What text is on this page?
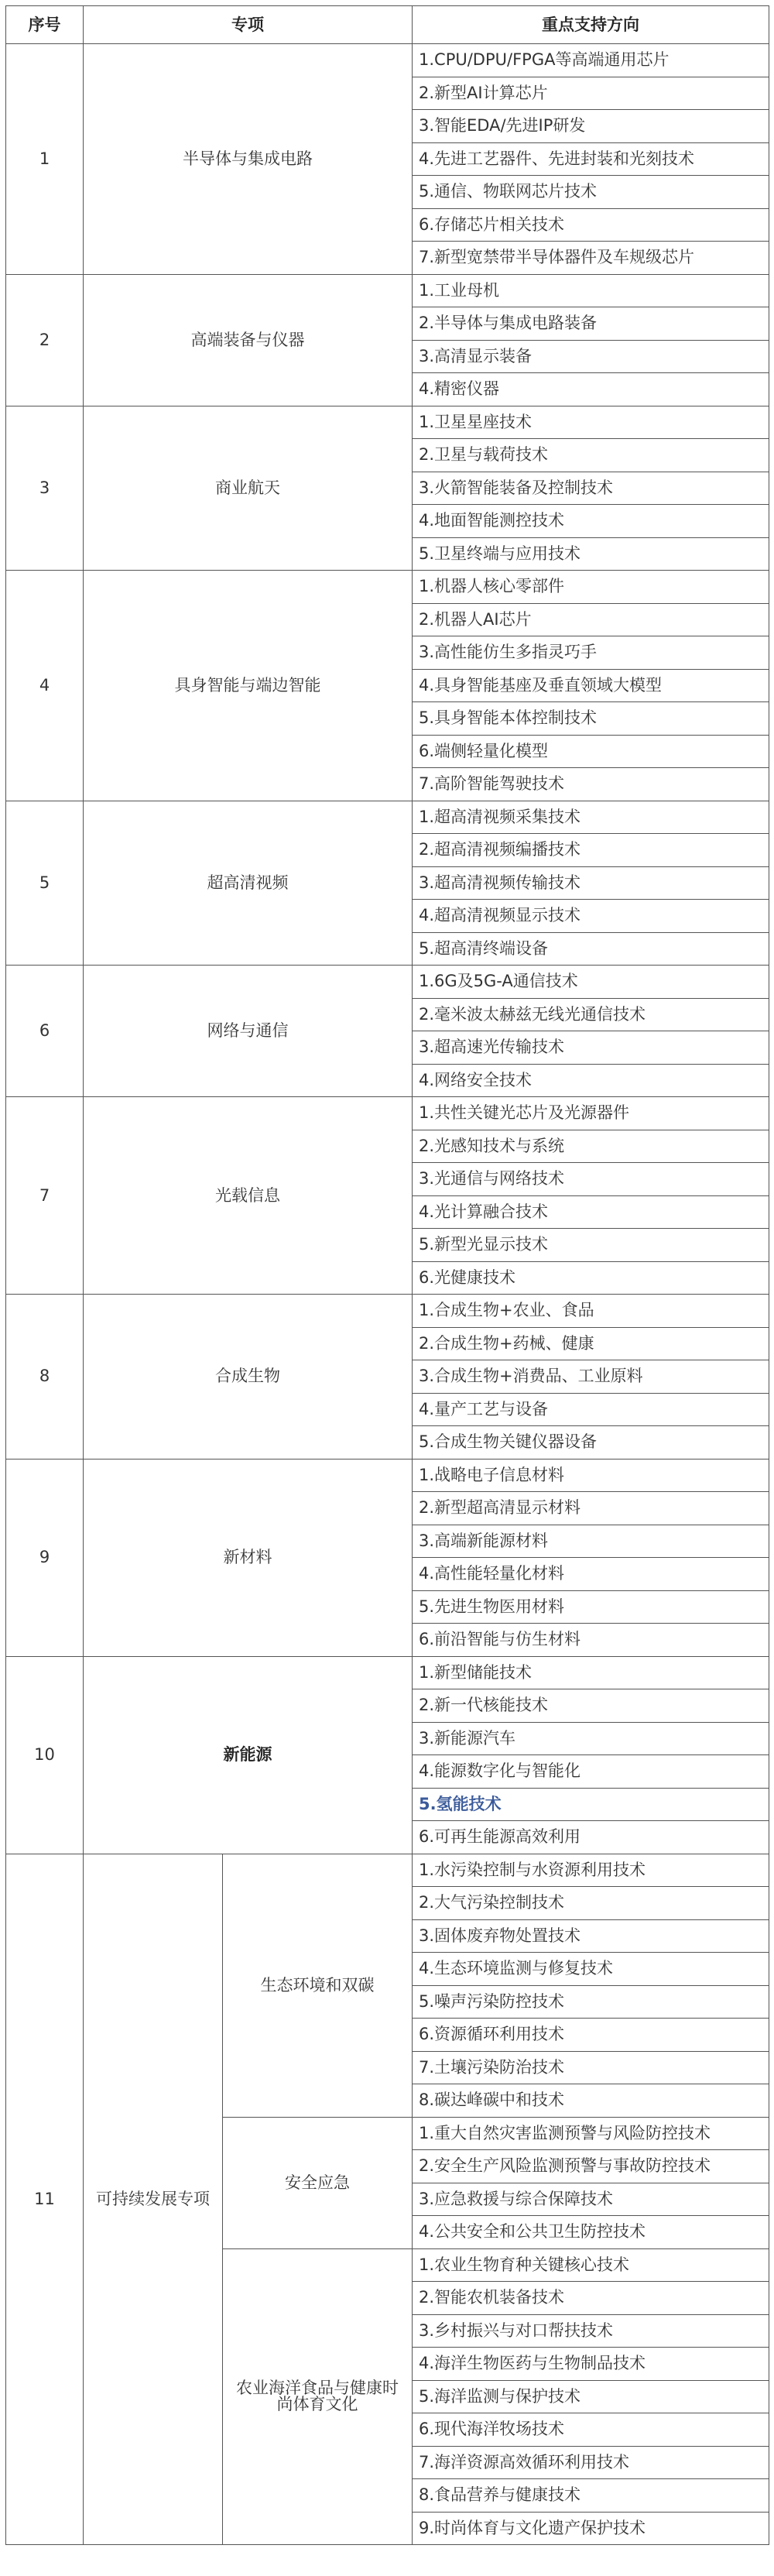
序号	专项		重点支持方向
1	半导体与集成电路		1.CPU/DPU/FPGA等高端通用芯片
			2.新型AI计算芯片
			3.智能EDA/先进IP研发
			4.先进工艺器件、先进封装和光刻技术
			5.通信、物联网芯片技术
			6.存储芯片相关技术
			7.新型宽禁带半导体器件及车规级芯片
2	高端装备与仪器		1.工业母机
			2.半导体与集成电路装备
			3.高清显示装备
			4.精密仪器
3	商业航天		1.卫星星座技术
			2.卫星与载荷技术
			3.火箭智能装备及控制技术
			4.地面智能测控技术
			5.卫星终端与应用技术
4	具身智能与端边智能		1.机器人核心零部件
			2.机器人AI芯片
			3.高性能仿生多指灵巧手
			4.具身智能基座及垂直领域大模型
			5.具身智能本体控制技术
			6.端侧轻量化模型
			7.高阶智能驾驶技术
5	超高清视频		1.超高清视频采集技术
			2.超高清视频编播技术
			3.超高清视频传输技术
			4.超高清视频显示技术
			5.超高清终端设备
6	网络与通信		1.6G及5G-A通信技术
			2.毫米波太赫兹无线光通信技术
			3.超高速光传输技术
			4.网络安全技术
7	光载信息		1.共性关键光芯片及光源器件
			2.光感知技术与系统
			3.光通信与网络技术
			4.光计算融合技术
			5.新型光显示技术
			6.光健康技术
8	合成生物		1.合成生物+农业、食品
			2.合成生物+药械、健康
			3.合成生物+消费品、工业原料
			4.量产工艺与设备
			5.合成生物关键仪器设备
9	新材料		1.战略电子信息材料
			2.新型超高清显示材料
			3.高端新能源材料
			4.高性能轻量化材料
			5.先进生物医用材料
			6.前沿智能与仿生材料
10	新能源		1.新型储能技术
			2.新一代核能技术
			3.新能源汽车
			4.能源数字化与智能化
			5.氢能技术
			6.可再生能源高效利用
11	可持续发展专项	生态环境和双碳	1.水污染控制与水资源利用技术
			2.大气污染控制技术
			3.固体废弃物处置技术
			4.生态环境监测与修复技术
			5.噪声污染防控技术
			6.资源循环利用技术
			7.土壤污染防治技术
			8.碳达峰碳中和技术
		安全应急	1.重大自然灾害监测预警与风险防控技术
			2.安全生产风险监测预警与事故防控技术
			3.应急救援与综合保障技术
			4.公共安全和公共卫生防控技术
		农业海洋食品与健康时尚体育文化	1.农业生物育种关键核心技术
			2.智能农机装备技术
			3.乡村振兴与对口帮扶技术
			4.海洋生物医药与生物制品技术
			5.海洋监测与保护技术
			6.现代海洋牧场技术
			7.海洋资源高效循环利用技术
			8.食品营养与健康技术
			9.时尚体育与文化遗产保护技术
